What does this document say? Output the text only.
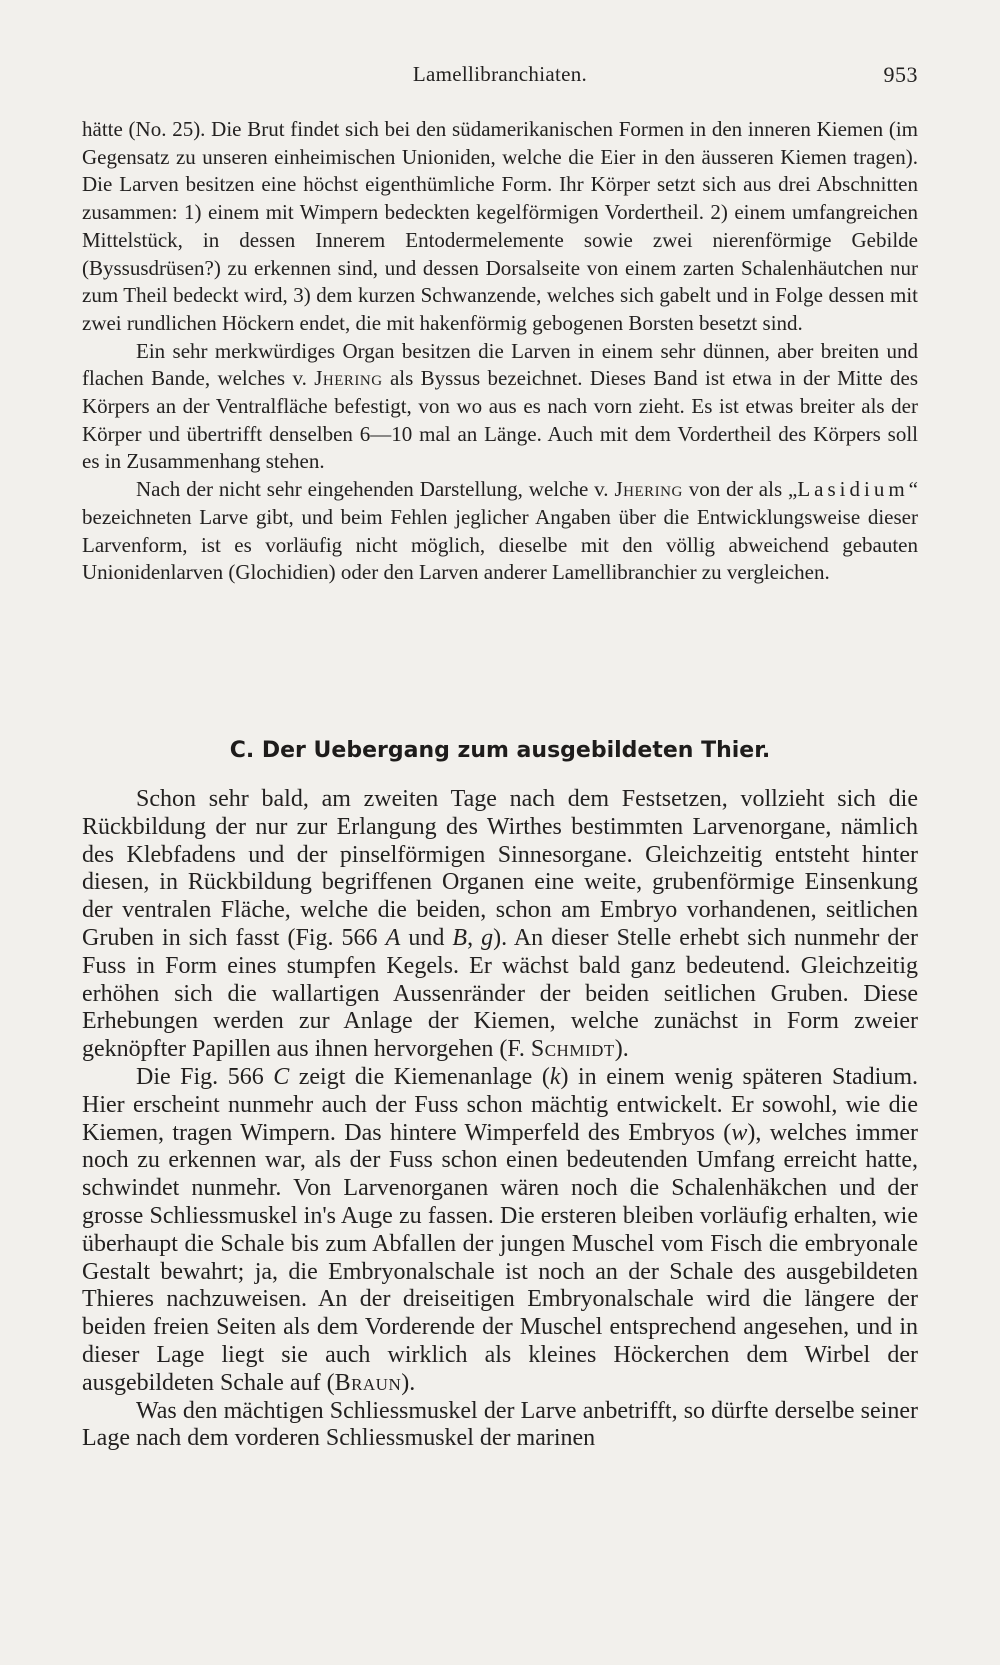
Lamellibranchiaten.	953

hätte (No. 25). Die Brut findet sich bei den südamerikanischen Formen in den inneren Kiemen (im Gegensatz zu unseren einheimischen Unioniden, welche die Eier in den äusseren Kiemen tragen). Die Larven besitzen eine höchst eigenthümliche Form. Ihr Körper setzt sich aus drei Abschnitten zusammen: 1) einem mit Wimpern bedeckten kegelförmigen Vordertheil. 2) einem umfangreichen Mittelstück, in dessen Innerem Entodermelemente sowie zwei nierenförmige Gebilde (Byssusdrüsen?) zu erkennen sind, und dessen Dorsalseite von einem zarten Schalenhäutchen nur zum Theil bedeckt wird, 3) dem kurzen Schwanzende, welches sich gabelt und in Folge dessen mit zwei rundlichen Höckern endet, die mit hakenförmig gebogenen Borsten besetzt sind.

Ein sehr merkwürdiges Organ besitzen die Larven in einem sehr dünnen, aber breiten und flachen Bande, welches v. Jhering als Byssus bezeichnet. Dieses Band ist etwa in der Mitte des Körpers an der Ventralfläche befestigt, von wo aus es nach vorn zieht. Es ist etwas breiter als der Körper und übertrifft denselben 6—10 mal an Länge. Auch mit dem Vordertheil des Körpers soll es in Zusammenhang stehen.

Nach der nicht sehr eingehenden Darstellung, welche v. Jhering von der als „Lasidium“ bezeichneten Larve gibt, und beim Fehlen jeglicher Angaben über die Entwicklungsweise dieser Larvenform, ist es vorläufig nicht möglich, dieselbe mit den völlig abweichend gebauten Unionidenlarven (Glochidien) oder den Larven anderer Lamellibranchier zu vergleichen.

C. Der Uebergang zum ausgebildeten Thier.

Schon sehr bald, am zweiten Tage nach dem Festsetzen, vollzieht sich die Rückbildung der nur zur Erlangung des Wirthes bestimmten Larvenorgane, nämlich des Klebfadens und der pinselförmigen Sinnesorgane. Gleichzeitig entsteht hinter diesen, in Rückbildung begriffenen Organen eine weite, grubenförmige Einsenkung der ventralen Fläche, welche die beiden, schon am Embryo vorhandenen, seitlichen Gruben in sich fasst (Fig. 566 A und B, g). An dieser Stelle erhebt sich nunmehr der Fuss in Form eines stumpfen Kegels. Er wächst bald ganz bedeutend. Gleichzeitig erhöhen sich die wallartigen Aussenränder der beiden seitlichen Gruben. Diese Erhebungen werden zur Anlage der Kiemen, welche zunächst in Form zweier geknöpfter Papillen aus ihnen hervorgehen (F. Schmidt).

Die Fig. 566 C zeigt die Kiemenanlage (k) in einem wenig späteren Stadium. Hier erscheint nunmehr auch der Fuss schon mächtig entwickelt. Er sowohl, wie die Kiemen, tragen Wimpern. Das hintere Wimperfeld des Embryos (w), welches immer noch zu erkennen war, als der Fuss schon einen bedeutenden Umfang erreicht hatte, schwindet nunmehr. Von Larvenorganen wären noch die Schalenhäkchen und der grosse Schliessmuskel in's Auge zu fassen. Die ersteren bleiben vorläufig erhalten, wie überhaupt die Schale bis zum Abfallen der jungen Muschel vom Fisch die embryonale Gestalt bewahrt; ja, die Embryonalschale ist noch an der Schale des ausgebildeten Thieres nachzuweisen. An der dreiseitigen Embryonalschale wird die längere der beiden freien Seiten als dem Vorderende der Muschel entsprechend angesehen, und in dieser Lage liegt sie auch wirklich als kleines Höckerchen dem Wirbel der ausgebildeten Schale auf (Braun).

Was den mächtigen Schliessmuskel der Larve anbetrifft, so dürfte derselbe seiner Lage nach dem vorderen Schliessmuskel der marinen
